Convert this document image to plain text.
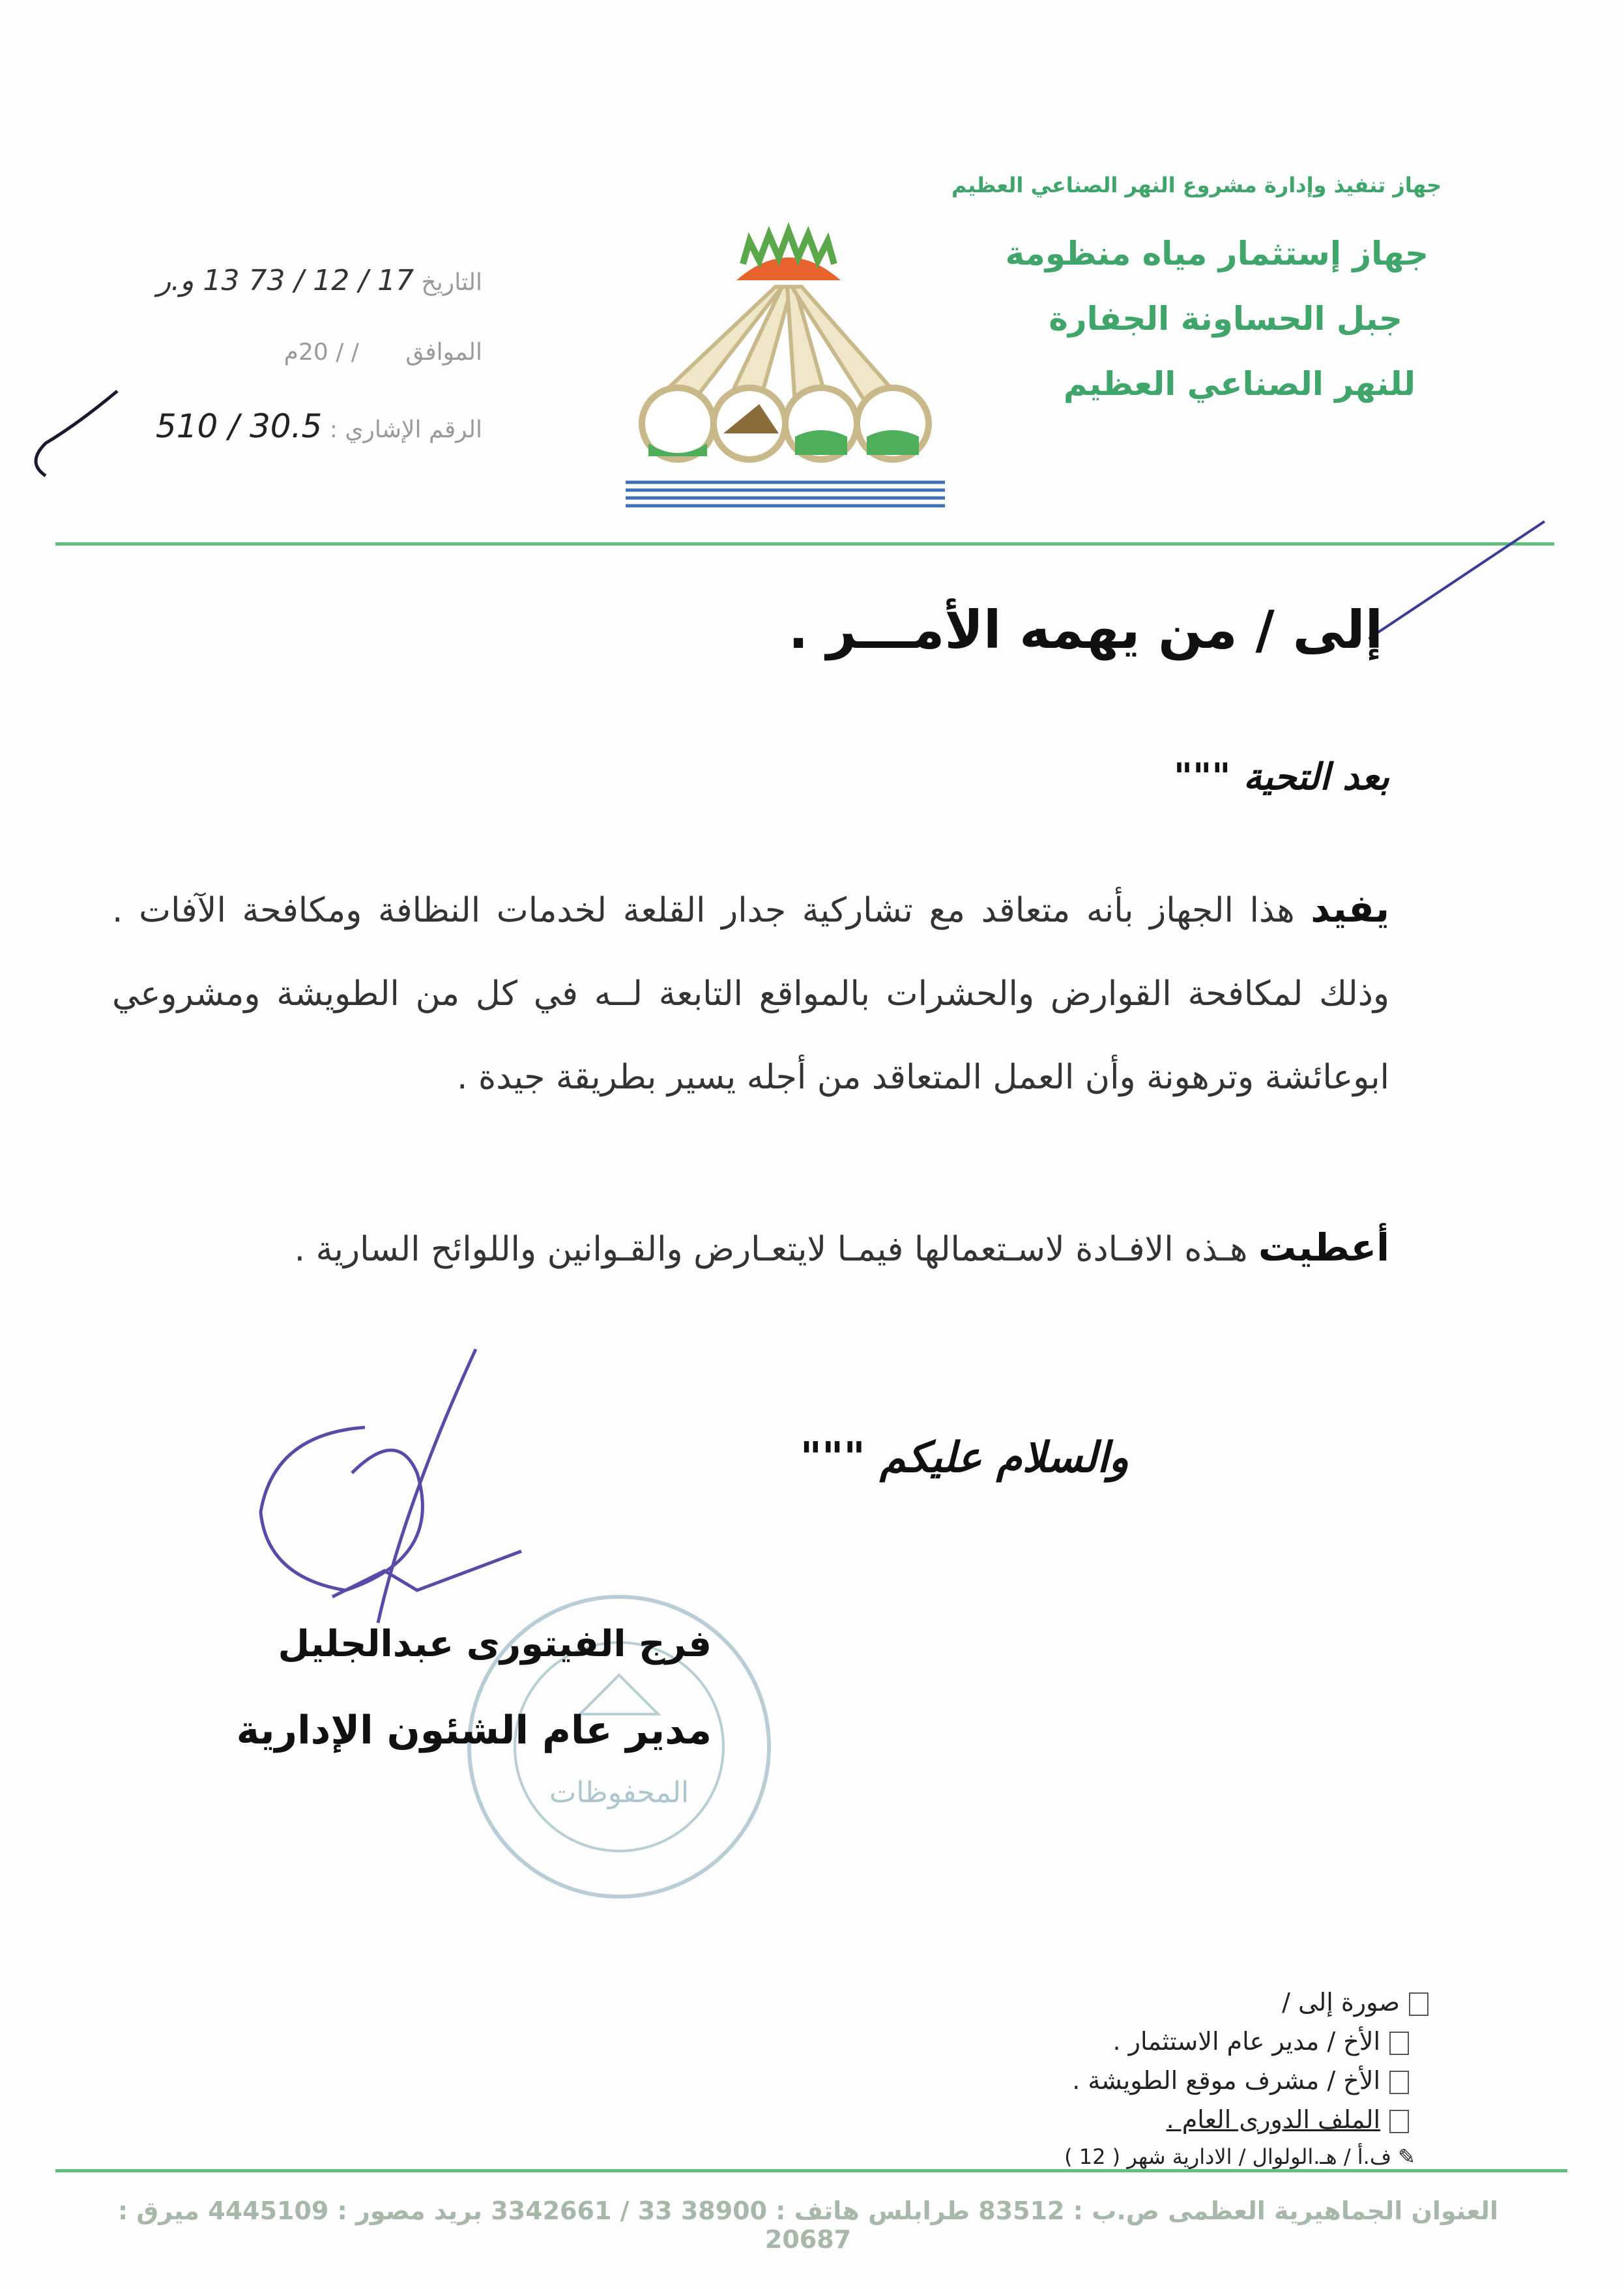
جهاز تنفيذ وإدارة مشروع النهر الصناعي العظيم
جهاز إستثمار مياه منظومة
جبل الحساونة الجفارة
للنهر الصناعي العظيم
التاريخ 17 / 12 / 73 13 و.ر
الموافق / / 20م
الرقم الإشاري : 30.5 / 510
إلى / من يهمه الأمـــر .
بعد التحية """
يفيد هذا الجهاز بأنه متعاقد مع تشاركية جدار القلعة لخدمات النظافة ومكافحة الآفات . وذلك لمكافحة القوارض والحشرات بالمواقع التابعة لــه في كل من الطويشة ومشروعي ابوعائشة وترهونة وأن العمل المتعاقد من أجله يسير بطريقة جيدة .
أعطيت هـذه الافـادة لاسـتعمالها فيمـا لايتعـارض والقـوانين واللوائح السارية .
والسلام عليكم """
المحفوظات
فرج الفيتورى عبدالجليل
مدير عام الشئون الإدارية
صورة إلى /
الأخ / مدير عام الاستثمار .
الأخ / مشرف موقع الطويشة .
الملف الدورى العام .
✎ ف.أ / هـ.الولوال / الادارية شهر ( 12 )
العنوان الجماهيرية العظمى ص.ب : 83512 طرابلس هاتف : 38900 33 / 3342661 بريد مصور : 4445109 ميرق : 20687
